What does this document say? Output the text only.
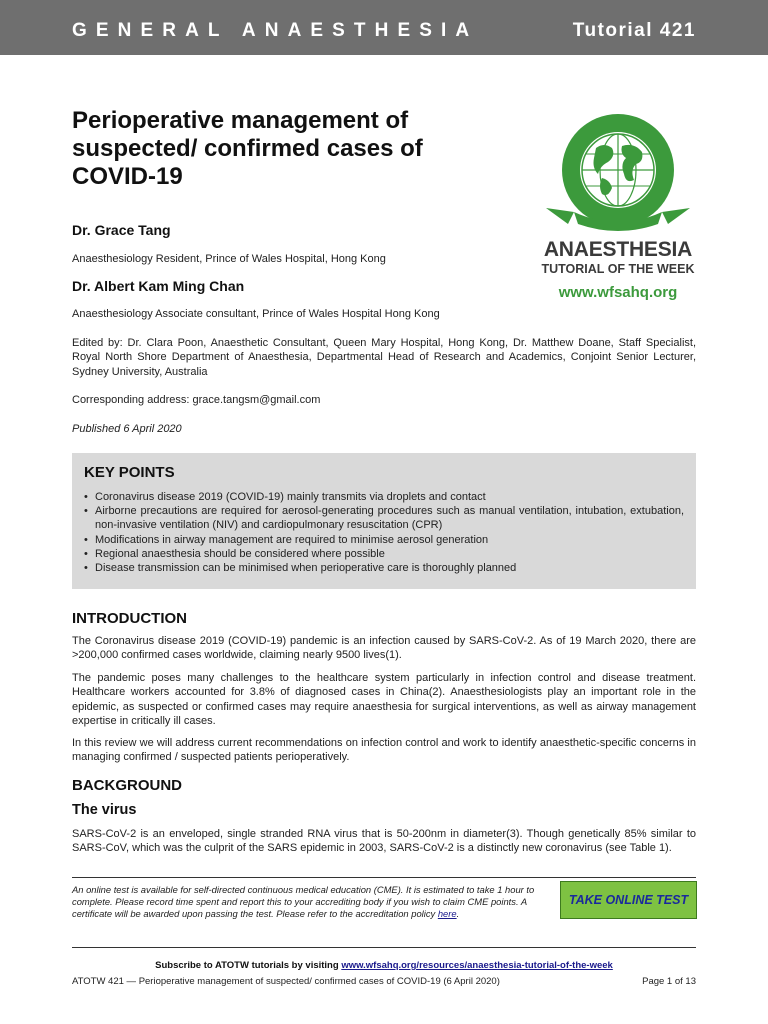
GENERAL ANAESTHESIA	Tutorial 421
Perioperative management of suspected/ confirmed cases of COVID-19
Dr. Grace Tang
Anaesthesiology Resident, Prince of Wales Hospital, Hong Kong
Dr. Albert Kam Ming Chan
Anaesthesiology Associate consultant, Prince of Wales Hospital Hong Kong
Edited by: Dr. Clara Poon, Anaesthetic Consultant, Queen Mary Hospital, Hong Kong, Dr. Matthew Doane, Staff Specialist, Royal North Shore Department of Anaesthesia, Departmental Head of Research and Academics, Conjoint Senior Lecturer, Sydney University, Australia
Corresponding address: grace.tangsm@gmail.com
Published 6 April 2020
ANAESTHESIA
TUTORIAL OF THE WEEK
www.wfsahq.org
KEY POINTS
• Coronavirus disease 2019 (COVID-19) mainly transmits via droplets and contact
• Airborne precautions are required for aerosol-generating procedures such as manual ventilation, intubation, extubation, non-invasive ventilation (NIV) and cardiopulmonary resuscitation (CPR)
• Modifications in airway management are required to minimise aerosol generation
• Regional anaesthesia should be considered where possible
• Disease transmission can be minimised when perioperative care is thoroughly planned
INTRODUCTION
The Coronavirus disease 2019 (COVID-19) pandemic is an infection caused by SARS-CoV-2. As of 19 March 2020, there are >200,000 confirmed cases worldwide, claiming nearly 9500 lives(1).
The pandemic poses many challenges to the healthcare system particularly in infection control and disease treatment. Healthcare workers accounted for 3.8% of diagnosed cases in China(2). Anaesthesiologists play an important role in the epidemic, as suspected or confirmed cases may require anaesthesia for surgical interventions, as well as airway management expertise in critically ill cases.
In this review we will address current recommendations on infection control and work to identify anaesthetic-specific concerns in managing confirmed / suspected patients perioperatively.
BACKGROUND
The virus
SARS-CoV-2 is an enveloped, single stranded RNA virus that is 50-200nm in diameter(3). Though genetically 85% similar to SARS-CoV, which was the culprit of the SARS epidemic in 2003, SARS-CoV-2 is a distinctly new coronavirus (see Table 1).
An online test is available for self-directed continuous medical education (CME). It is estimated to take 1 hour to complete. Please record time spent and report this to your accrediting body if you wish to claim CME points. A certificate will be awarded upon passing the test. Please refer to the accreditation policy here.
TAKE ONLINE TEST
Subscribe to ATOTW tutorials by visiting www.wfsahq.org/resources/anaesthesia-tutorial-of-the-week
ATOTW 421 — Perioperative management of suspected/ confirmed cases of COVID-19 (6 April 2020)	Page 1 of 13
